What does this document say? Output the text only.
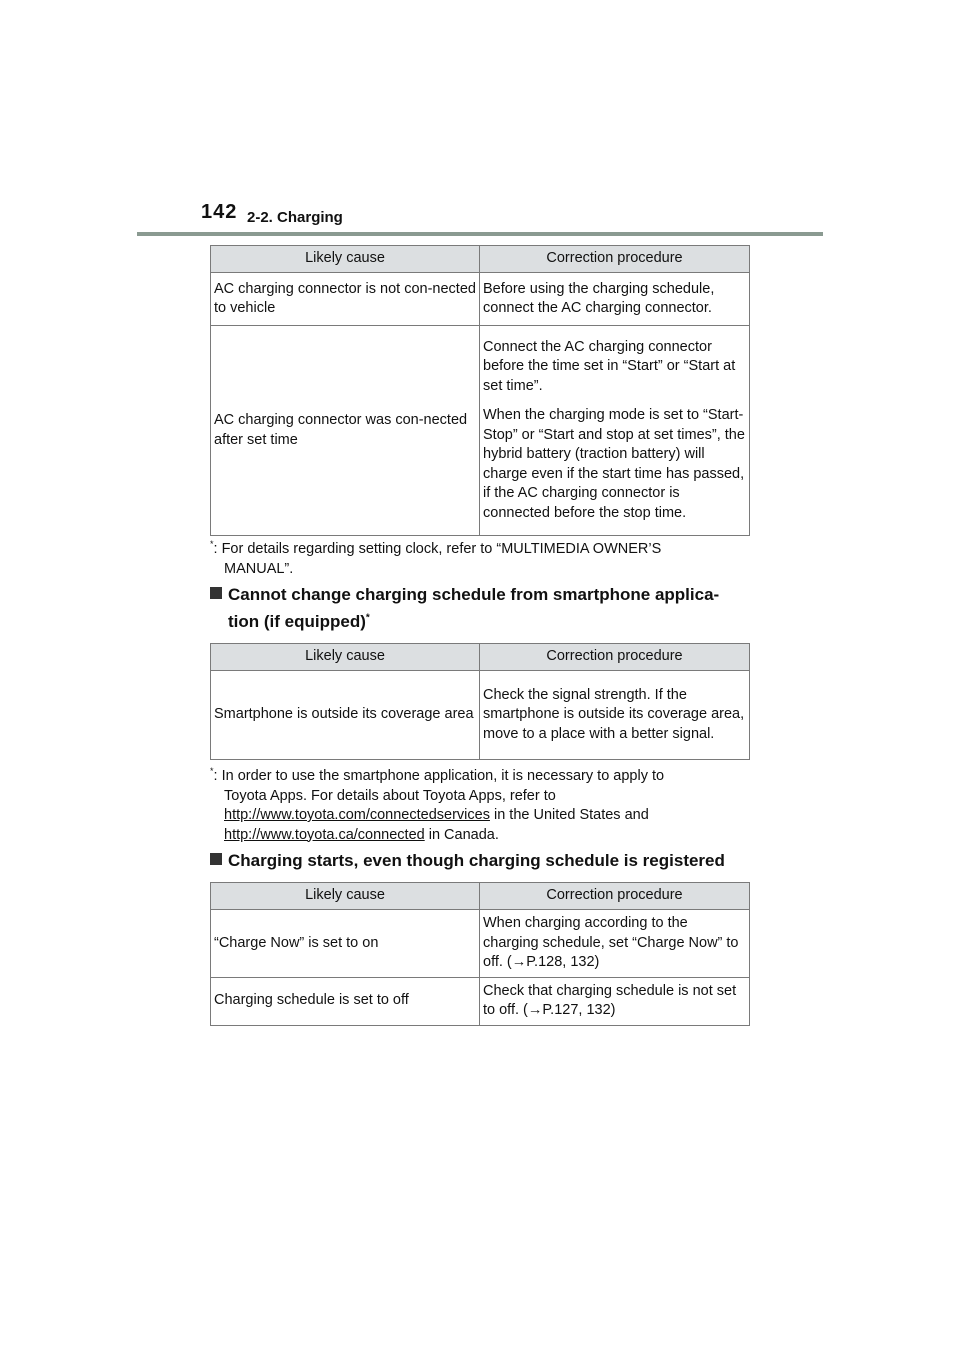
142 2-2. Charging
Likely cause	Correction procedure
AC charging connector is not con-nected to vehicle	Before using the charging schedule, connect the AC charging connector.

AC charging connector was con-nected after set time	Connect the AC charging connector before the time set in “Start” or “Start at set time”.

When the charging mode is set to “Start-Stop” or “Start and stop at set times”, the hybrid battery (traction battery) will charge even if the start time has passed, if the AC charging connector is connected before the stop time.

*: For details regarding setting clock, refer to “MULTIMEDIA OWNER’S
MANUAL”.
Cannot change charging schedule from smartphone applica-
tion (if equipped)*
Likely cause	Correction procedure
Smartphone is outside its coverage area	Check the signal strength. If the smartphone is outside its coverage area, move to a place with a better signal.

*: In order to use the smartphone application, it is necessary to apply to
Toyota Apps. For details about Toyota Apps, refer to
http://www.toyota.com/connectedservices in the United States and
http://www.toyota.ca/connected in Canada.
Charging starts, even though charging schedule is registered
Likely cause	Correction procedure
“Charge Now” is set to on	When charging according to the charging schedule, set “Charge Now” to off. (→P.128, 132)

Charging schedule is set to off	Check that charging schedule is not set to off. (→P.127, 132)
